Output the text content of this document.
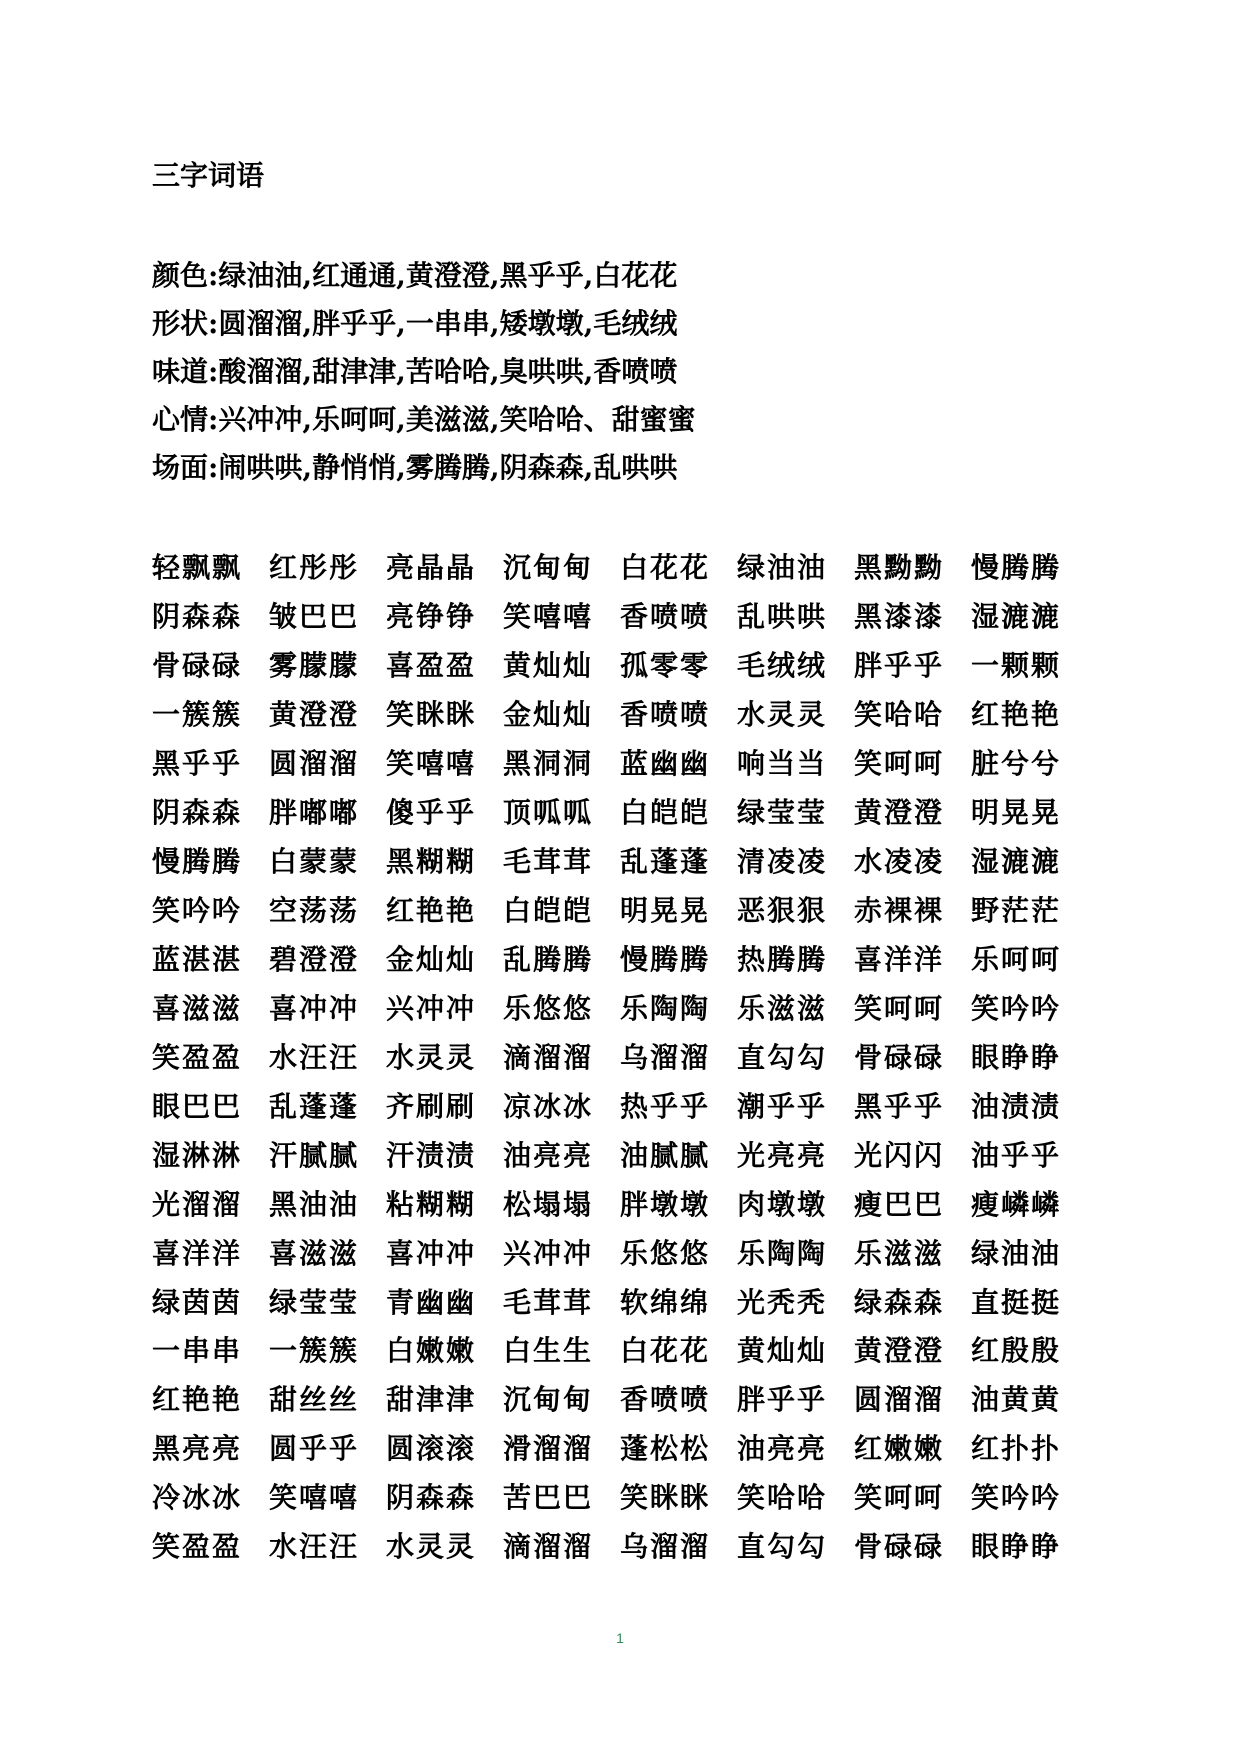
三字词语
颜色:绿油油,红通通,黄澄澄,黑乎乎,白花花
形状:圆溜溜,胖乎乎,一串串,矮墩墩,毛绒绒
味道:酸溜溜,甜津津,苦哈哈,臭哄哄,香喷喷
心情:兴冲冲,乐呵呵,美滋滋,笑哈哈、甜蜜蜜
场面:闹哄哄,静悄悄,雾腾腾,阴森森,乱哄哄
轻飘飘 红彤彤 亮晶晶 沉甸甸 白花花 绿油油 黑黝黝 慢腾腾
阴森森 皱巴巴 亮铮铮 笑嘻嘻 香喷喷 乱哄哄 黑漆漆 湿漉漉
骨碌碌 雾朦朦 喜盈盈 黄灿灿 孤零零 毛绒绒 胖乎乎 一颗颗
一簇簇 黄澄澄 笑眯眯 金灿灿 香喷喷 水灵灵 笑哈哈 红艳艳
黑乎乎 圆溜溜 笑嘻嘻 黑洞洞 蓝幽幽 响当当 笑呵呵 脏兮兮
阴森森 胖嘟嘟 傻乎乎 顶呱呱 白皑皑 绿莹莹 黄澄澄 明晃晃
慢腾腾 白蒙蒙 黑糊糊 毛茸茸 乱蓬蓬 清凌凌 水凌凌 湿漉漉
笑吟吟 空荡荡 红艳艳 白皑皑 明晃晃 恶狠狠 赤裸裸 野茫茫
蓝湛湛 碧澄澄 金灿灿 乱腾腾 慢腾腾 热腾腾 喜洋洋 乐呵呵
喜滋滋 喜冲冲 兴冲冲 乐悠悠 乐陶陶 乐滋滋 笑呵呵 笑吟吟
笑盈盈 水汪汪 水灵灵 滴溜溜 乌溜溜 直勾勾 骨碌碌 眼睁睁
眼巴巴 乱蓬蓬 齐刷刷 凉冰冰 热乎乎 潮乎乎 黑乎乎 油渍渍
湿淋淋 汗腻腻 汗渍渍 油亮亮 油腻腻 光亮亮 光闪闪 油乎乎
光溜溜 黑油油 粘糊糊 松塌塌 胖墩墩 肉墩墩 瘦巴巴 瘦嶙嶙
喜洋洋 喜滋滋 喜冲冲 兴冲冲 乐悠悠 乐陶陶 乐滋滋 绿油油
绿茵茵 绿莹莹 青幽幽 毛茸茸 软绵绵 光秃秃 绿森森 直挺挺
一串串 一簇簇 白嫩嫩 白生生 白花花 黄灿灿 黄澄澄 红殷殷
红艳艳 甜丝丝 甜津津 沉甸甸 香喷喷 胖乎乎 圆溜溜 油黄黄
黑亮亮 圆乎乎 圆滚滚 滑溜溜 蓬松松 油亮亮 红嫩嫩 红扑扑
冷冰冰 笑嘻嘻 阴森森 苦巴巴 笑眯眯 笑哈哈 笑呵呵 笑吟吟
笑盈盈 水汪汪 水灵灵 滴溜溜 乌溜溜 直勾勾 骨碌碌 眼睁睁
1
